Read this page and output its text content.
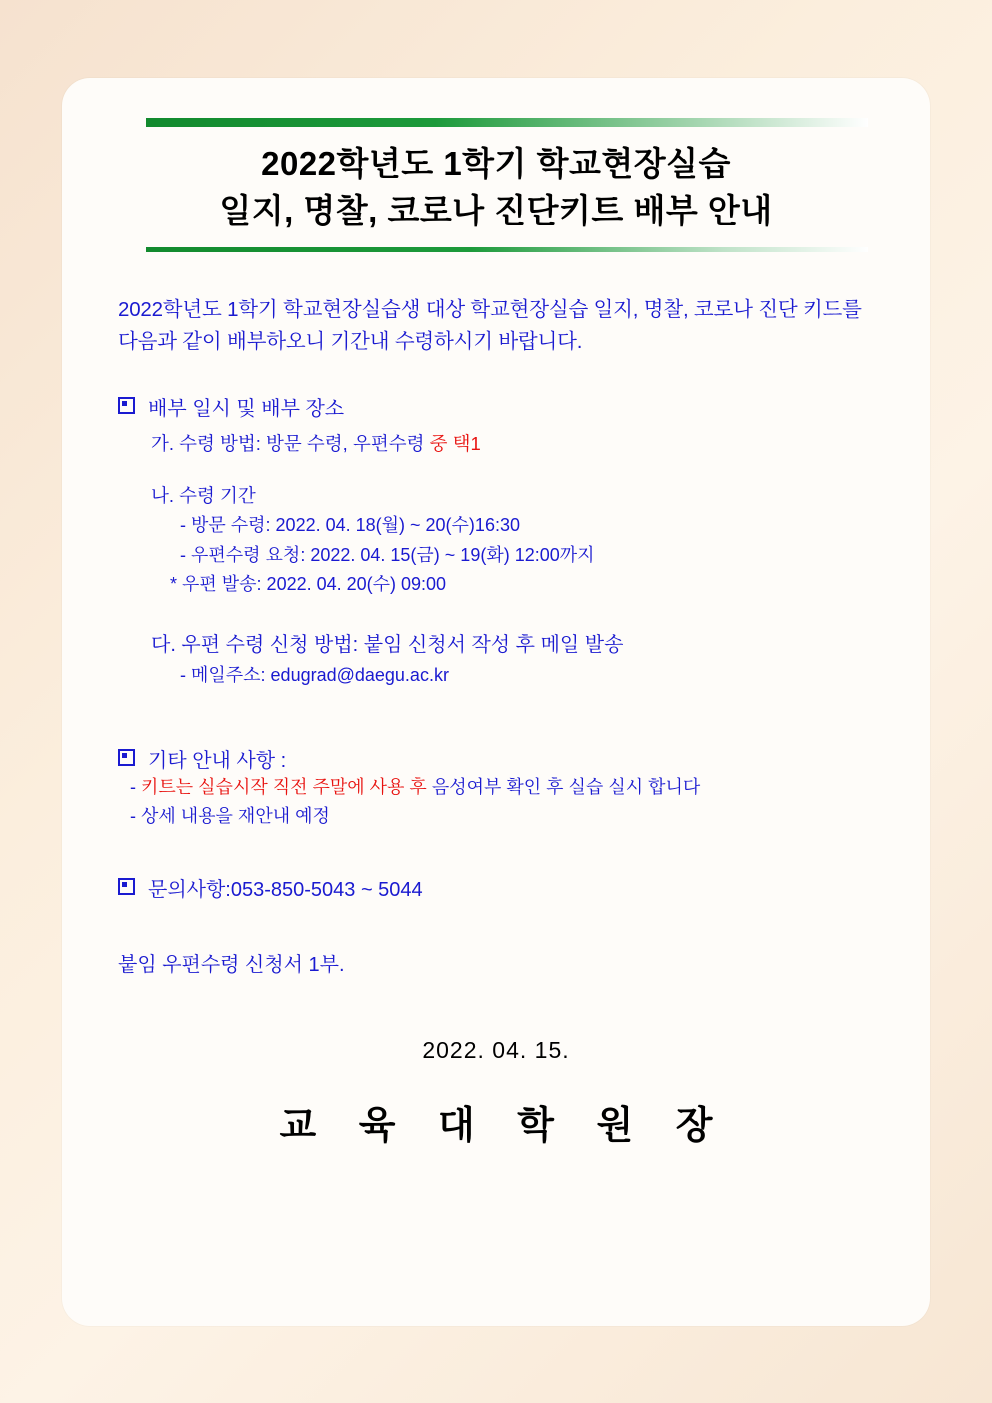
2022학년도 1학기 학교현장실습
일지, 명찰, 코로나 진단키트 배부 안내
2022학년도 1학기 학교현장실습생 대상 학교현장실습 일지, 명찰, 코로나 진단 키드를 다음과 같이 배부하오니 기간내 수령하시기 바랍니다.
배부 일시 및 배부 장소
가. 수령 방법: 방문 수령, 우편수령 중 택1
나. 수령 기간
- 방문 수령: 2022. 04. 18(월) ~ 20(수)16:30
- 우편수령 요청: 2022. 04. 15(금) ~ 19(화) 12:00까지
* 우편 발송: 2022. 04. 20(수) 09:00
다. 우편 수령 신청 방법: 붙임 신청서 작성 후 메일 발송
- 메일주소: edugrad@daegu.ac.kr
기타 안내 사항 :
- 키트는 실습시작 직전 주말에 사용 후 음성여부 확인 후 실습 실시 합니다
- 상세 내용을 재안내 예정
문의사항:053-850-5043 ~ 5044
붙임 우편수령 신청서 1부.
2022. 04. 15.
교 육 대 학 원 장
